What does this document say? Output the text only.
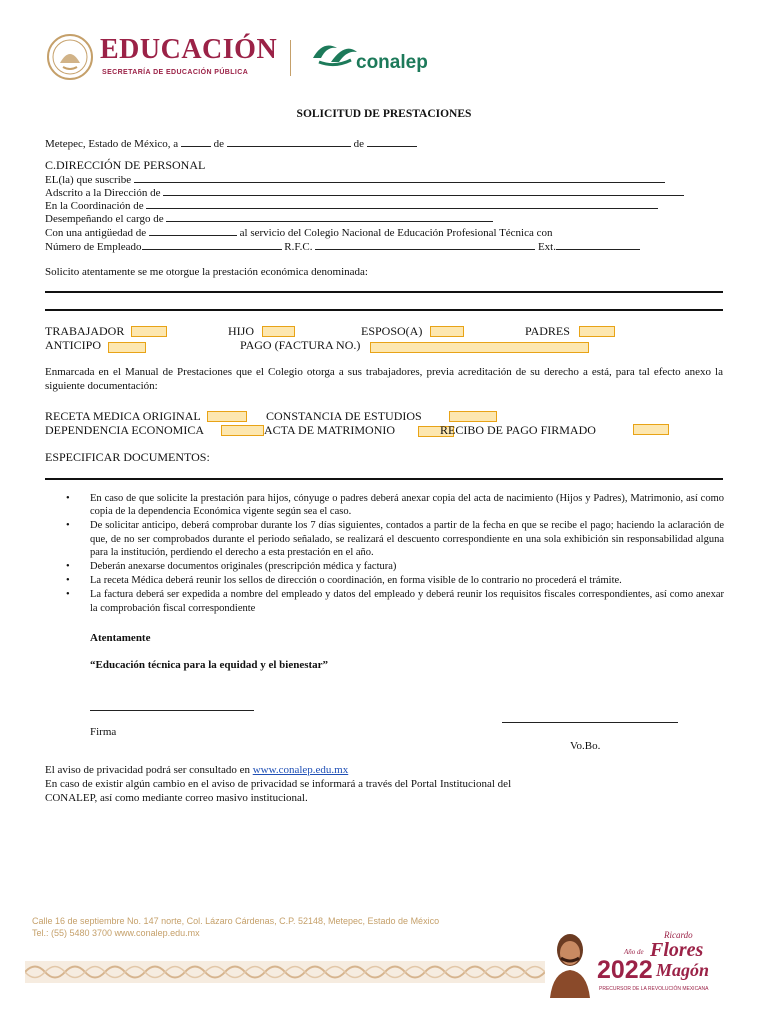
EDUCACIÓN
SECRETARÍA DE EDUCACIÓN PÚBLICA	conalep
SOLICITUD DE PRESTACIONES
Metepec, Estado de México, a	de	de
C.DIRECCIÓN DE PERSONAL
EL(la) que suscribe
Adscrito a la Dirección de
En la Coordinación de
Desempeñando el cargo de
Con una antigüedad de	al servicio del Colegio Nacional de Educación Profesional Técnica con
Número de Empleado	R.F.C.	Ext.
Solicito atentamente se me otorgue la prestación económica denominada:
TRABAJADOR	HIJO	ESPOSO(A)	PADRES
ANTICIPO	PAGO (FACTURA NO.)
Enmarcada en el Manual de Prestaciones que el Colegio otorga a sus trabajadores, previa acreditación de su derecho a está, para tal efecto anexo la siguiente documentación:
RECETA MEDICA ORIGINAL	CONSTANCIA DE ESTUDIOS
DEPENDENCIA ECONOMICA	ACTA DE MATRIMONIO	RECIBO DE PAGO FIRMADO
ESPECIFICAR DOCUMENTOS:
• En caso de que solicite la prestación para hijos, cónyuge o padres deberá anexar copia del acta de nacimiento (Hijos y Padres), Matrimonio, así como copia de la dependencia Económica vigente según sea el caso.
• De solicitar anticipo, deberá comprobar durante los 7 días siguientes, contados a partir de la fecha en que se recibe el pago; haciendo la aclaración de que, de no ser comprobados durante el periodo señalado, se realizará el descuento correspondiente en una sola exhibición sin responsabilidad alguna para la institución, perdiendo el derecho a esta prestación en el año.
• Deberán anexarse documentos originales (prescripción médica y factura)
• La receta Médica deberá reunir los sellos de dirección o coordinación, en forma visible de lo contrario no procederá el trámite.
• La factura deberá ser expedida a nombre del empleado y datos del empleado y deberá reunir los requisitos fiscales correspondientes, así como anexar la comprobación fiscal correspondiente
Atentamente
“Educación técnica para la equidad y el bienestar”
Firma
Vo.Bo.
El aviso de privacidad podrá ser consultado en www.conalep.edu.mx
En caso de existir algún cambio en el aviso de privacidad se informará a través del Portal Institucional del
CONALEP, así como mediante correo masivo institucional.
Calle 16 de septiembre No. 147 norte, Col. Lázaro Cárdenas, C.P. 52148, Metepec, Estado de México
Tel.: (55) 5480 3700 www.conalep.edu.mx
2022
Año de
Ricardo
Flores
Magón
PRECURSOR DE LA REVOLUCIÓN MEXICANA
